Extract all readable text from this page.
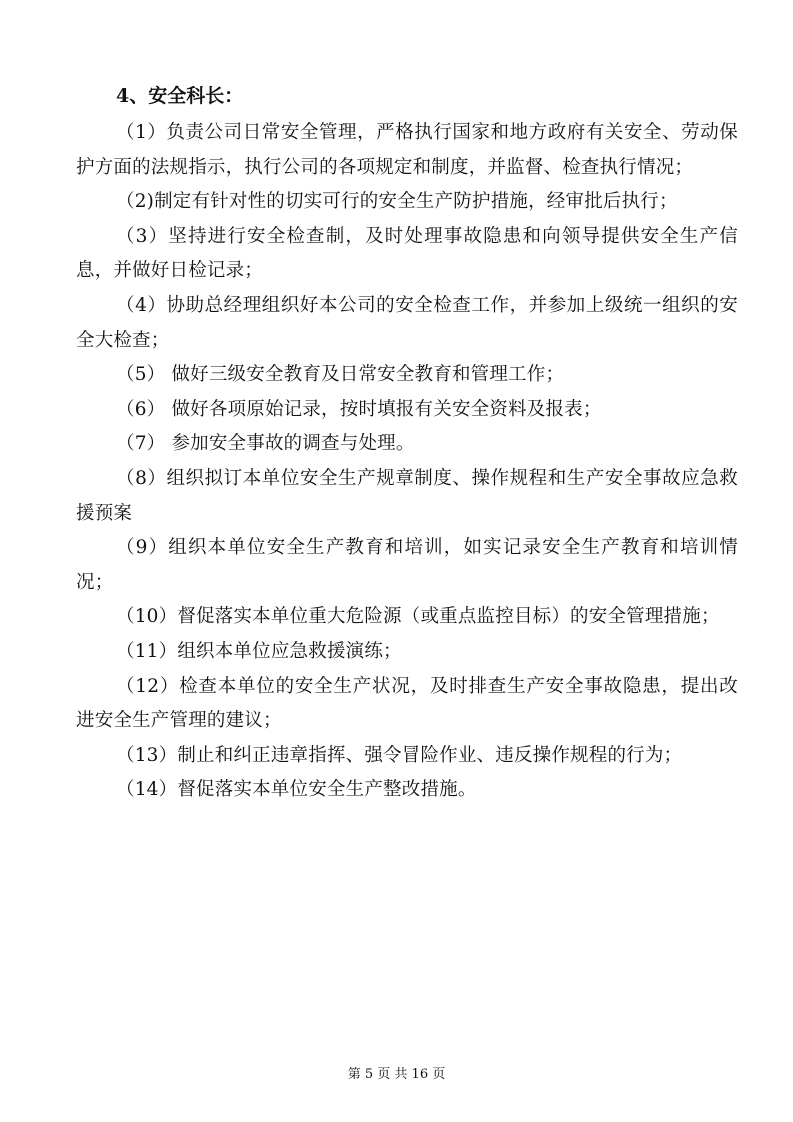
4、安全科长：

（1）负责公司日常安全管理，严格执行国家和地方政府有关安全、劳动保护方面的法规指示，执行公司的各项规定和制度，并监督、检查执行情况；

（2)制定有针对性的切实可行的安全生产防护措施，经审批后执行；

（3）坚持进行安全检查制，及时处理事故隐患和向领导提供安全生产信息，并做好日检记录；

（4）协助总经理组织好本公司的安全检查工作，并参加上级统一组织的安全大检查；

（5） 做好三级安全教育及日常安全教育和管理工作；

（6） 做好各项原始记录，按时填报有关安全资料及报表；

（7） 参加安全事故的调查与处理。

（8）组织拟订本单位安全生产规章制度、操作规程和生产安全事故应急救援预案

（9）组织本单位安全生产教育和培训，如实记录安全生产教育和培训情况；

（10）督促落实本单位重大危险源（或重点监控目标）的安全管理措施；

（11）组织本单位应急救援演练；

（12）检查本单位的安全生产状况，及时排查生产安全事故隐患，提出改进安全生产管理的建议；

（13）制止和纠正违章指挥、强令冒险作业、违反操作规程的行为；

（14）督促落实本单位安全生产整改措施。

第 5 页 共 16 页
